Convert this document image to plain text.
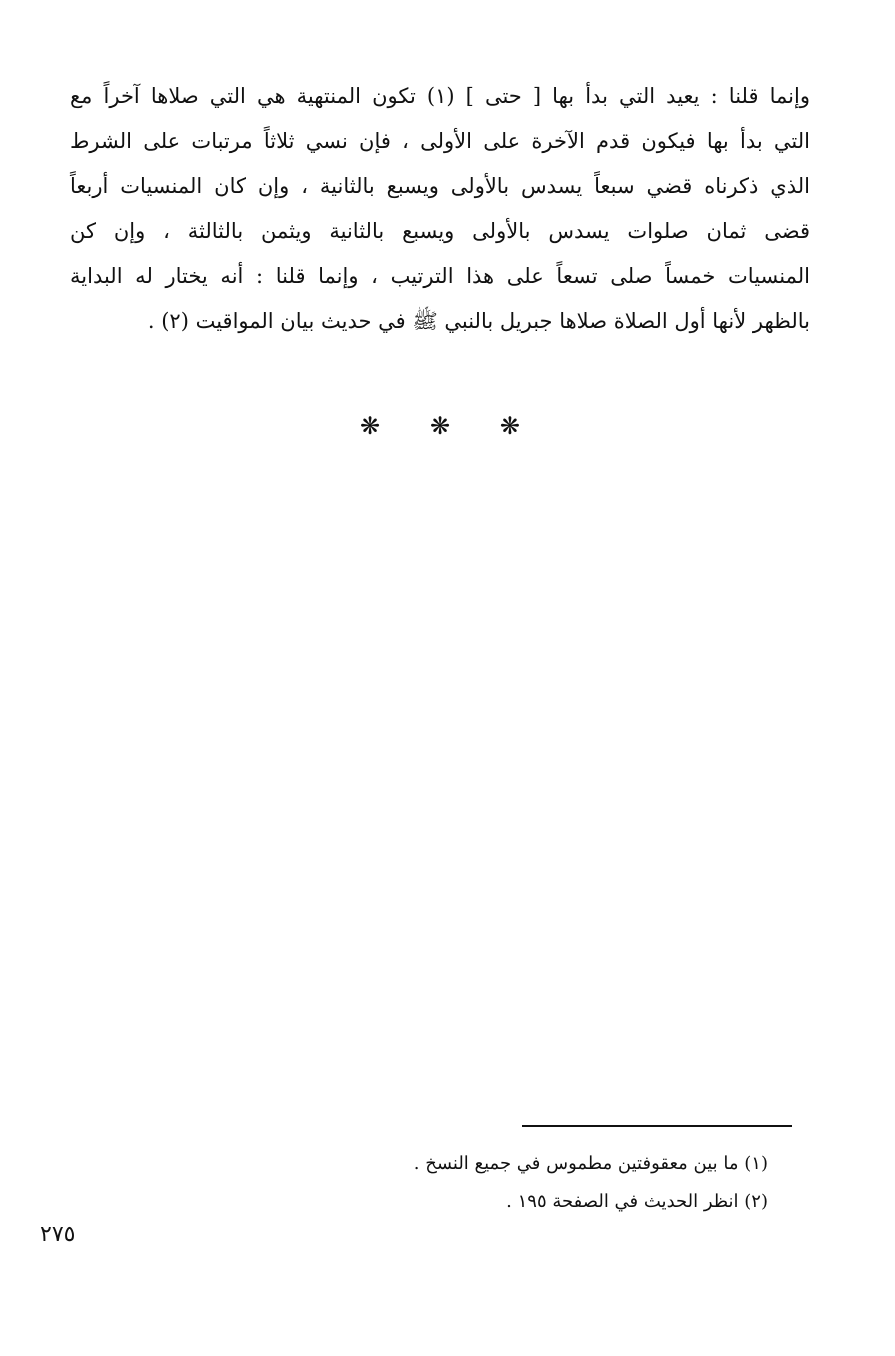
وإنما قلنا : يعيد التي بدأ بها [ حتى ] (١) تكون المنتهية هي التي صلاها آخراً مع
التي بدأ بها فيكون قدم الآخرة على الأولى ، فإن نسي ثلاثاً مرتبات على الشرط
الذي ذكرناه قضي سبعاً يسدس بالأولى ويسبع بالثانية ، وإن كان المنسيات أربعاً
قضى ثمان صلوات يسدس بالأولى ويسبع بالثانية ويثمن بالثالثة ، وإن كن
المنسيات خمساً صلى تسعاً على هذا الترتيب ، وإنما قلنا : أنه يختار له البداية
بالظهر لأنها أول الصلاة صلاها جبريل بالنبي ﷺ في حديث بيان المواقيت (٢) .
❋ ❋ ❋
(١) ما بين معقوفتين مطموس في جميع النسخ .
(٢) انظر الحديث في الصفحة ١٩٥ .
٢٧٥
